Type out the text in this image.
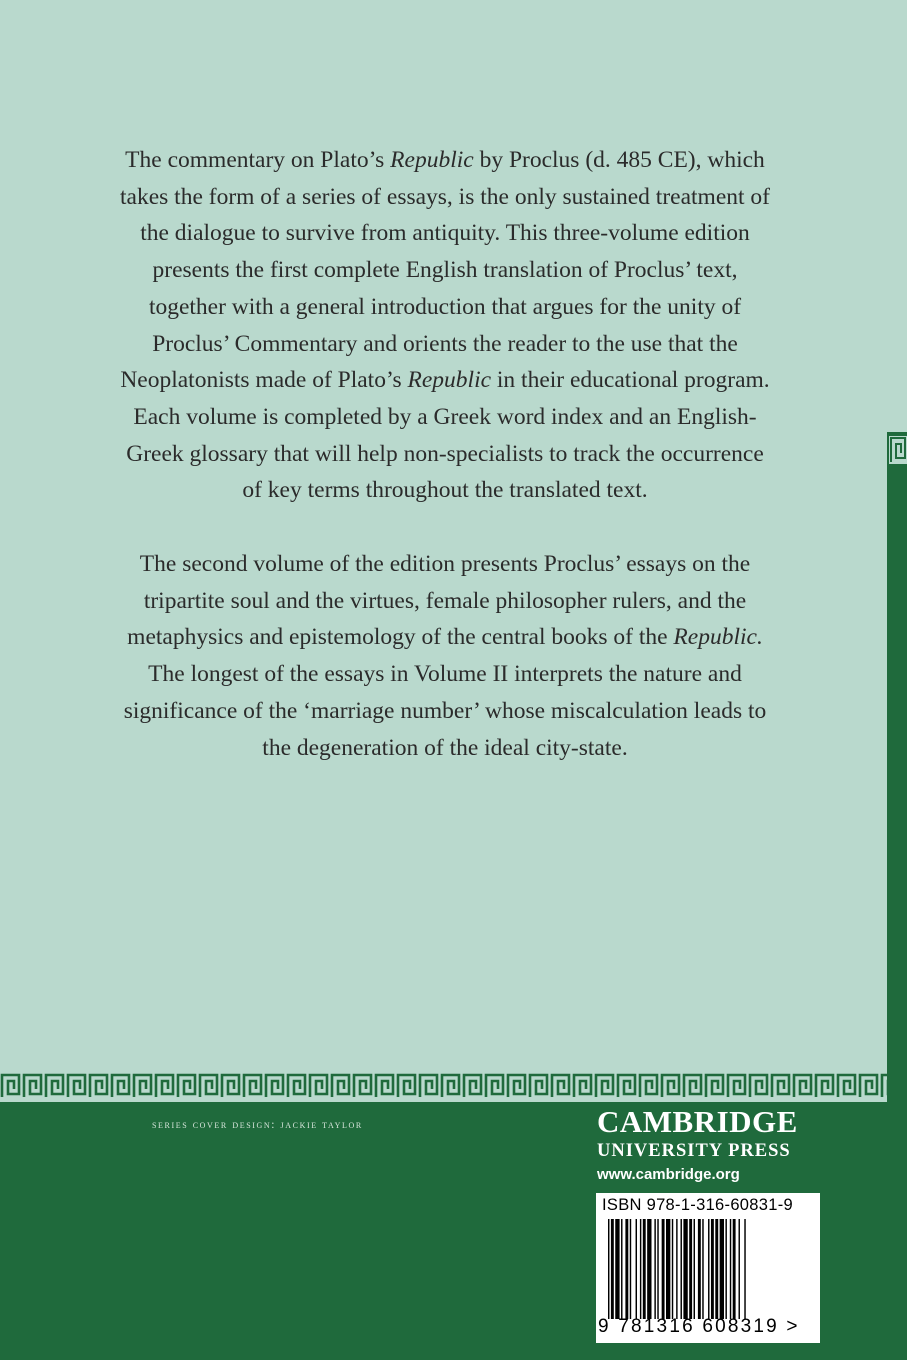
The commentary on Plato’s Republic by Proclus (d. 485 CE), which takes the form of a series of essays, is the only sustained treatment of the dialogue to survive from antiquity. This three-volume edition presents the first complete English translation of Proclus’ text, together with a general introduction that argues for the unity of Proclus’ Commentary and orients the reader to the use that the Neoplatonists made of Plato’s Republic in their educational program. Each volume is completed by a Greek word index and an English-Greek glossary that will help non-specialists to track the occurrence of key terms throughout the translated text.

The second volume of the edition presents Proclus’ essays on the tripartite soul and the virtues, female philosopher rulers, and the metaphysics and epistemology of the central books of the Republic. The longest of the essays in Volume II interprets the nature and significance of the ‘marriage number’ whose miscalculation leads to the degeneration of the ideal city-state.

series cover design: jackie taylor	CAMBRIDGE
UNIVERSITY PRESS
www.cambridge.org
ISBN 978-1-316-60831-9
9 781316 608319 >
